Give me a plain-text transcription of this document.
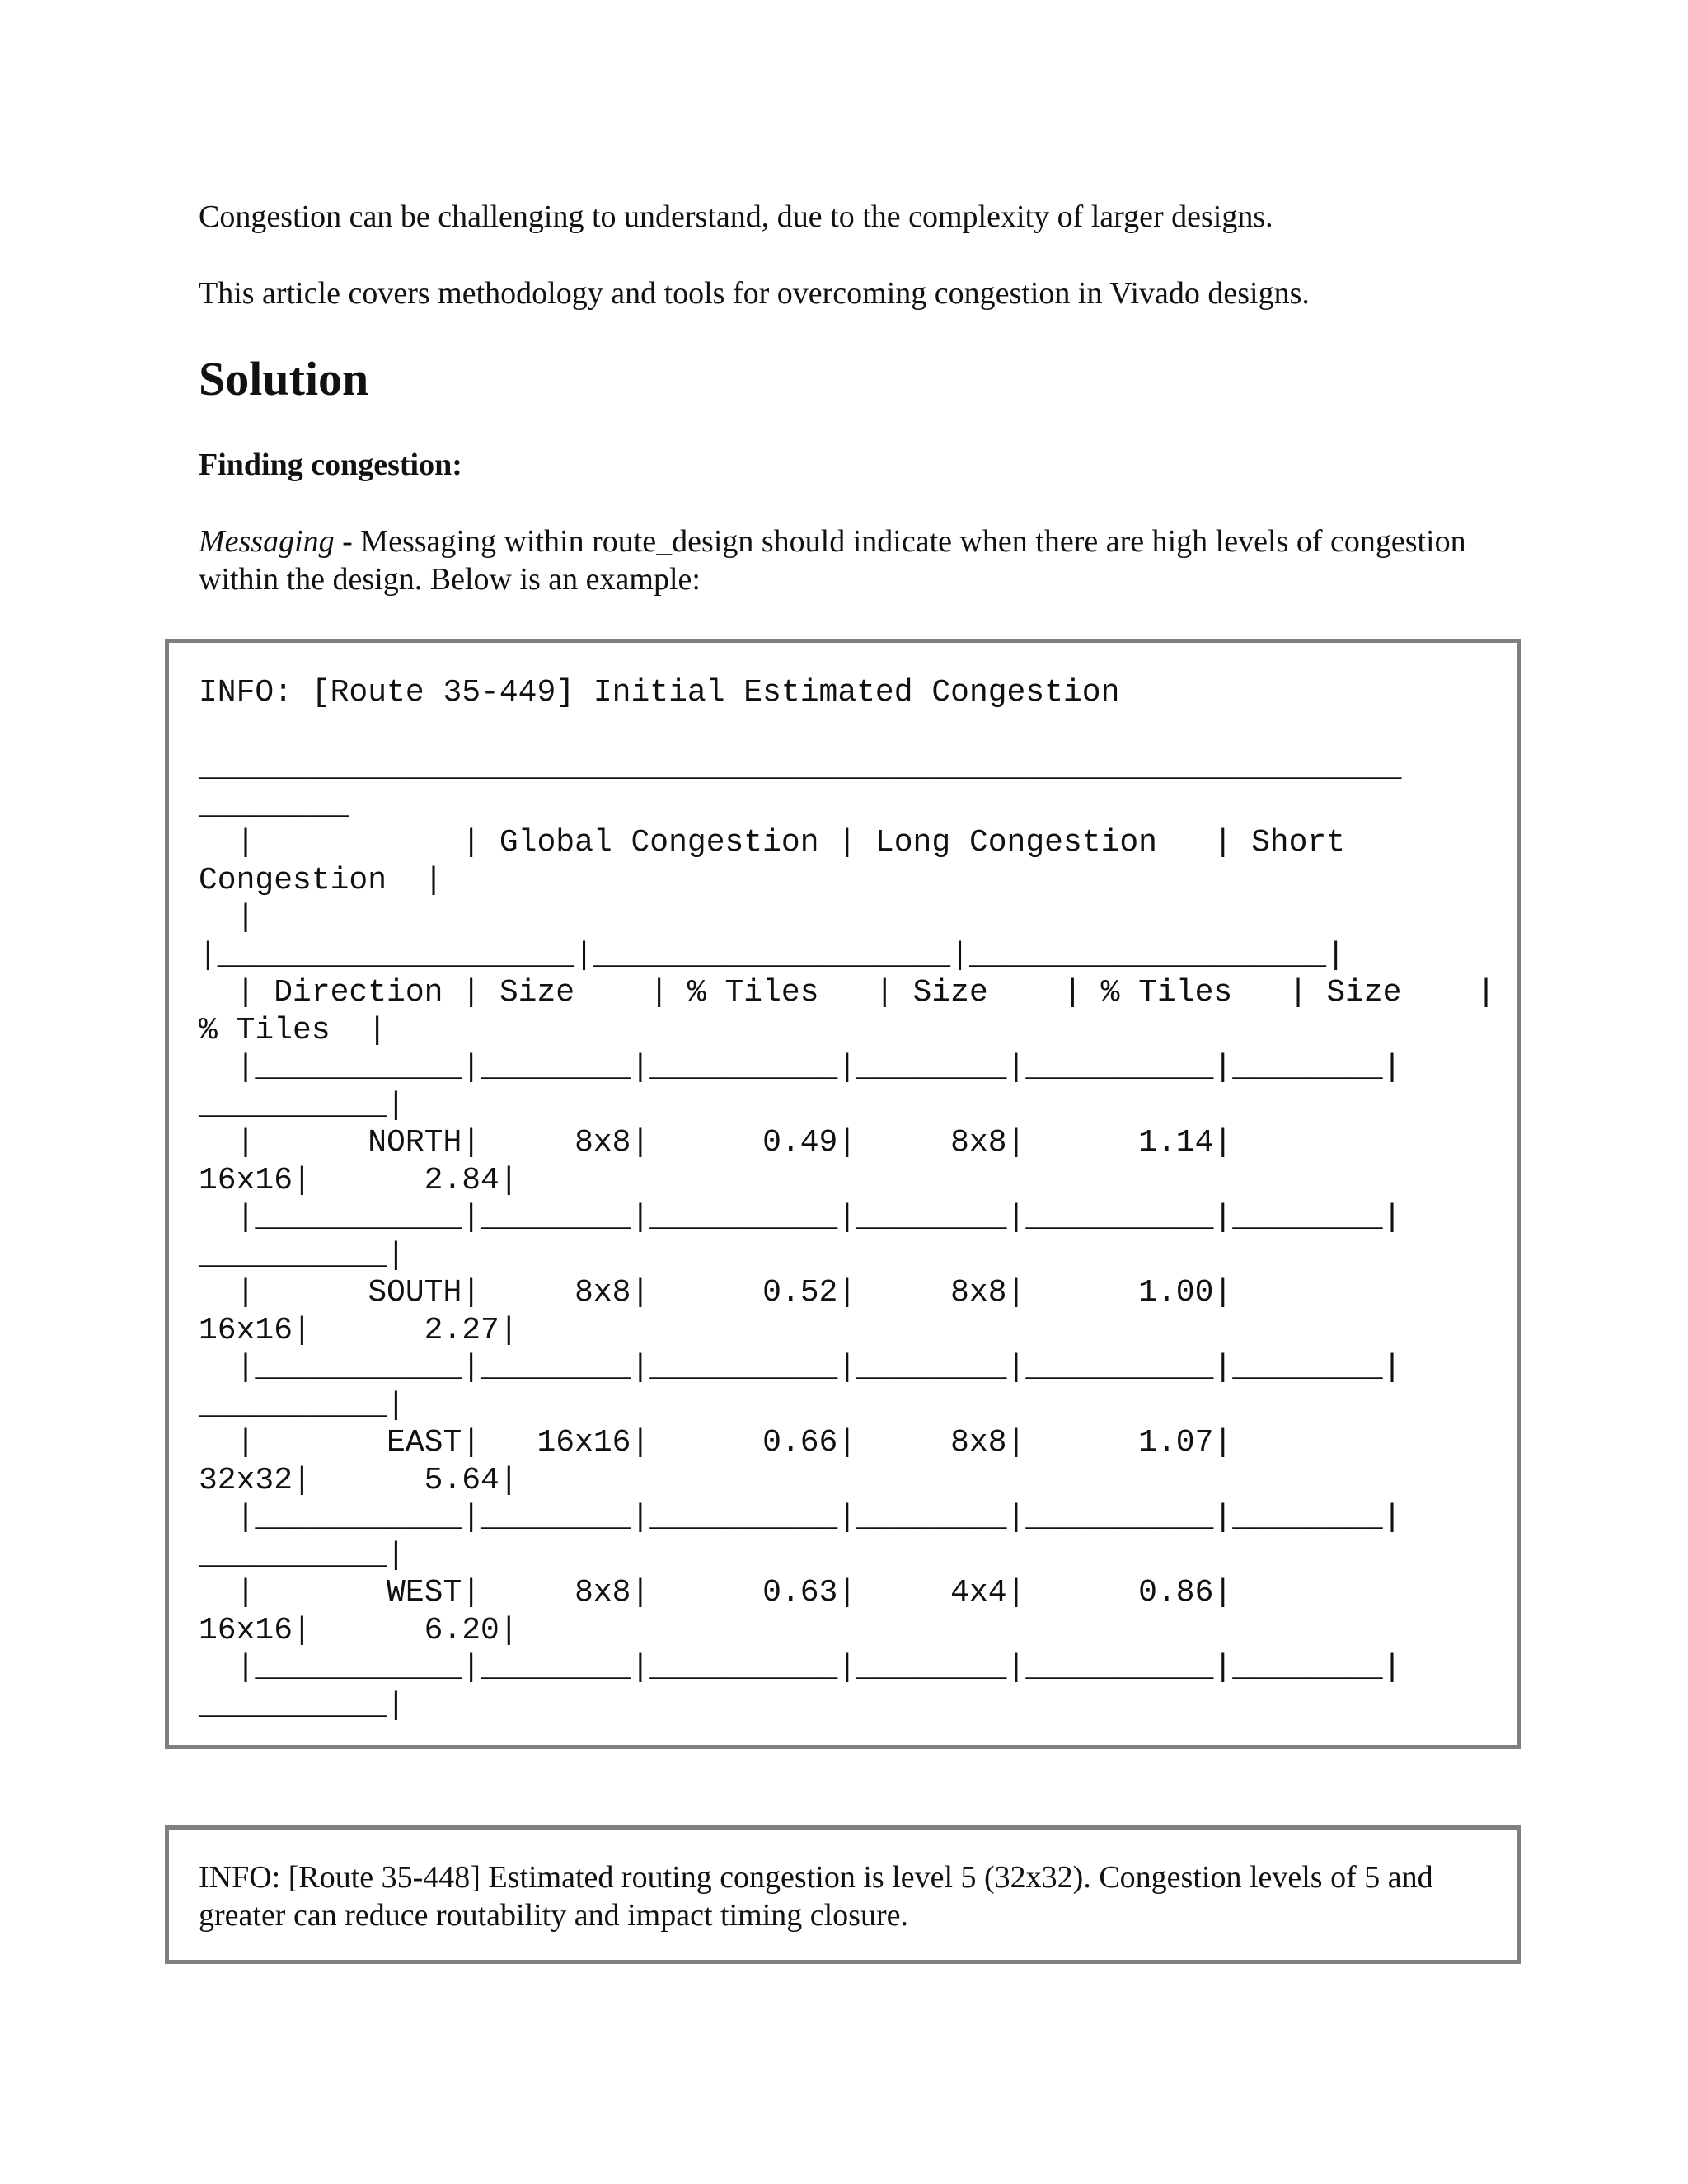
Congestion can be challenging to understand, due to the complexity of larger designs.

This article covers methodology and tools for overcoming congestion in Vivado designs.

Solution
Finding congestion:

Messaging - Messaging within route_design should indicate when there are high levels of congestion within the design. Below is an example:

INFO: [Route 35-449] Initial Estimated Congestion

________________________________________________________________
________
|           | Global Congestion | Long Congestion   | Short
Congestion  |
|
|___________________|___________________|___________________|
| Direction | Size    | % Tiles   | Size    | % Tiles   | Size    |
% Tiles  |
|___________|________|__________|________|__________|________|
__________|
|      NORTH|     8x8|      0.49|     8x8|      1.14|
16x16|      2.84|
|___________|________|__________|________|__________|________|
__________|
|      SOUTH|     8x8|      0.52|     8x8|      1.00|
16x16|      2.27|
|___________|________|__________|________|__________|________|
__________|
|       EAST|   16x16|      0.66|     8x8|      1.07|
32x32|      5.64|
|___________|________|__________|________|__________|________|
__________|
|       WEST|     8x8|      0.63|     4x4|      0.86|
16x16|      6.20|
|___________|________|__________|________|__________|________|
__________|

INFO: [Route 35-448] Estimated routing congestion is level 5 (32x32). Congestion levels of 5 and greater can reduce routability and impact timing closure.
